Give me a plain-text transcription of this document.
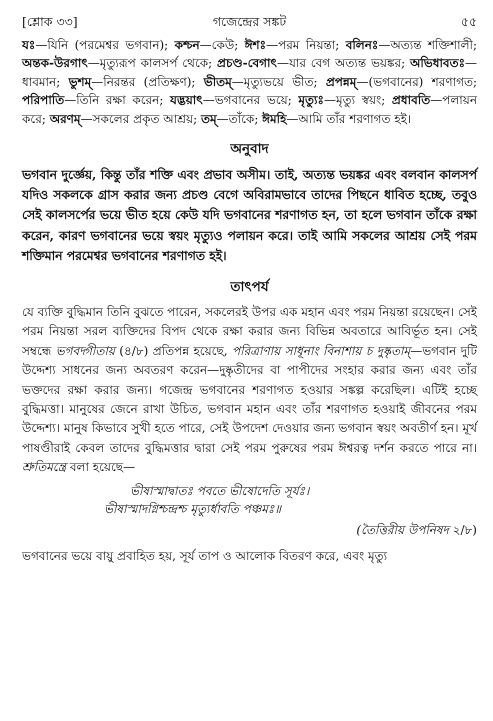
[শ্লোক ৩৩]	গজেন্দ্রের সঙ্কট	৫৫

যঃ—যিনি (পরমেশ্বর ভগবান); কশ্চন—কেউ; ঈশঃ—পরম নিয়ন্তা; বলিনঃ—অত্যন্ত শক্তিশালী; অন্তক-উরগাৎ—মৃত্যুরূপ কালসর্প থেকে; প্রচণ্ড-বেগাৎ—যার বেগ অত্যন্ত ভয়ঙ্কর; অভিধাবতঃ—ধাবমান; ভুশম্—নিরন্তর (প্রতিক্ষণ); ভীতম্—মৃত্যুভয়ে ভীত; প্রপন্নম্—(ভগবানের) শরণাগত; পরিপাতি—তিনি রক্ষা করেন; যদ্ভয়াৎ—ভগবানের ভয়ে; মৃত্যুঃ—মৃত্যু স্বয়ং; প্রধাবতি—পলায়ন করে; অরণম্—সকলের প্রকৃত আশ্রয়; তম্—তাঁকে; ঈমহি—আমি তাঁর শরণাগত হই।

অনুবাদ

ভগবান দুর্জ্ঞেয়, কিন্তু তাঁর শক্তি এবং প্রভাব অসীম। তাই, অত্যন্ত ভয়ঙ্কর এবং বলবান কালসর্প যদিও সকলকে গ্রাস করার জন্য প্রচণ্ড বেগে অবিরামভাবে তাদের পিছনে ধাবিত হচ্ছে, তবুও সেই কালসর্পের ভয়ে ভীত হয়ে কেউ যদি ভগবানের শরণাগত হন, তা হলে ভগবান তাঁকে রক্ষা করেন, কারণ ভগবানের ভয়ে স্বয়ং মৃত্যুও পলায়ন করে। তাই আমি সকলের আশ্রয় সেই পরম শক্তিমান পরমেশ্বর ভগবানের শরণাগত হই।

তাৎপর্য

যে ব্যক্তি বুদ্ধিমান তিনি বুঝতে পারেন, সকলেরই উপর এক মহান এবং পরম নিয়ন্তা রয়েছেন। সেই পরম নিয়ন্তা সরল ব্যক্তিদের বিপদ থেকে রক্ষা করার জন্য বিভিন্ন অবতারে আবির্ভূত হন। সেই সম্বন্ধে ভগবদ্গীতায় (৪/৮) প্রতিপন্ন হয়েছে, পরিত্রাণায় সাধূনাং বিনাশায় চ দুষ্কৃতাম্—ভগবান দুটি উদ্দেশ্য সাধনের জন্য অবতরণ করেন—দুষ্কৃতীদের বা পাপীদের সংহার করার জন্য এবং তাঁর ভক্তদের রক্ষা করার জন্য। গজেন্দ্র ভগবানের শরণাগত হওয়ার সঙ্কল্প করেছিল। এটিই হচ্ছে বুদ্ধিমত্তা। মানুষের জেনে রাখা উচিত, ভগবান মহান এবং তাঁর শরণাগত হওয়াই জীবনের পরম উদ্দেশ্য। মানুষ কিভাবে সুখী হতে পারে, সেই উপদেশ দেওয়ার জন্য ভগবান স্বয়ং অবতীর্ণ হন। মূর্খ পাষণ্ডীরাই কেবল তাদের বুদ্ধিমত্তার দ্বারা সেই পরম পুরুষের পরম ঈশ্বরত্ব দর্শন করতে পারে না। শ্রুতিমন্ত্রে বলা হয়েছে—

ভীষাস্মাদ্বাতঃ পবতে ভীষোদেতি সূর্যঃ।
ভীষাস্মাদগ্নিশ্চন্দ্রশ্চ মৃত্যুর্ধাবতি পঞ্চমঃ॥
(তৈত্তিরীয় উপনিষদ ২/৮)

ভগবানের ভয়ে বায়ু প্রবাহিত হয়, সূর্য তাপ ও আলোক বিতরণ করে, এবং মৃত্যু
